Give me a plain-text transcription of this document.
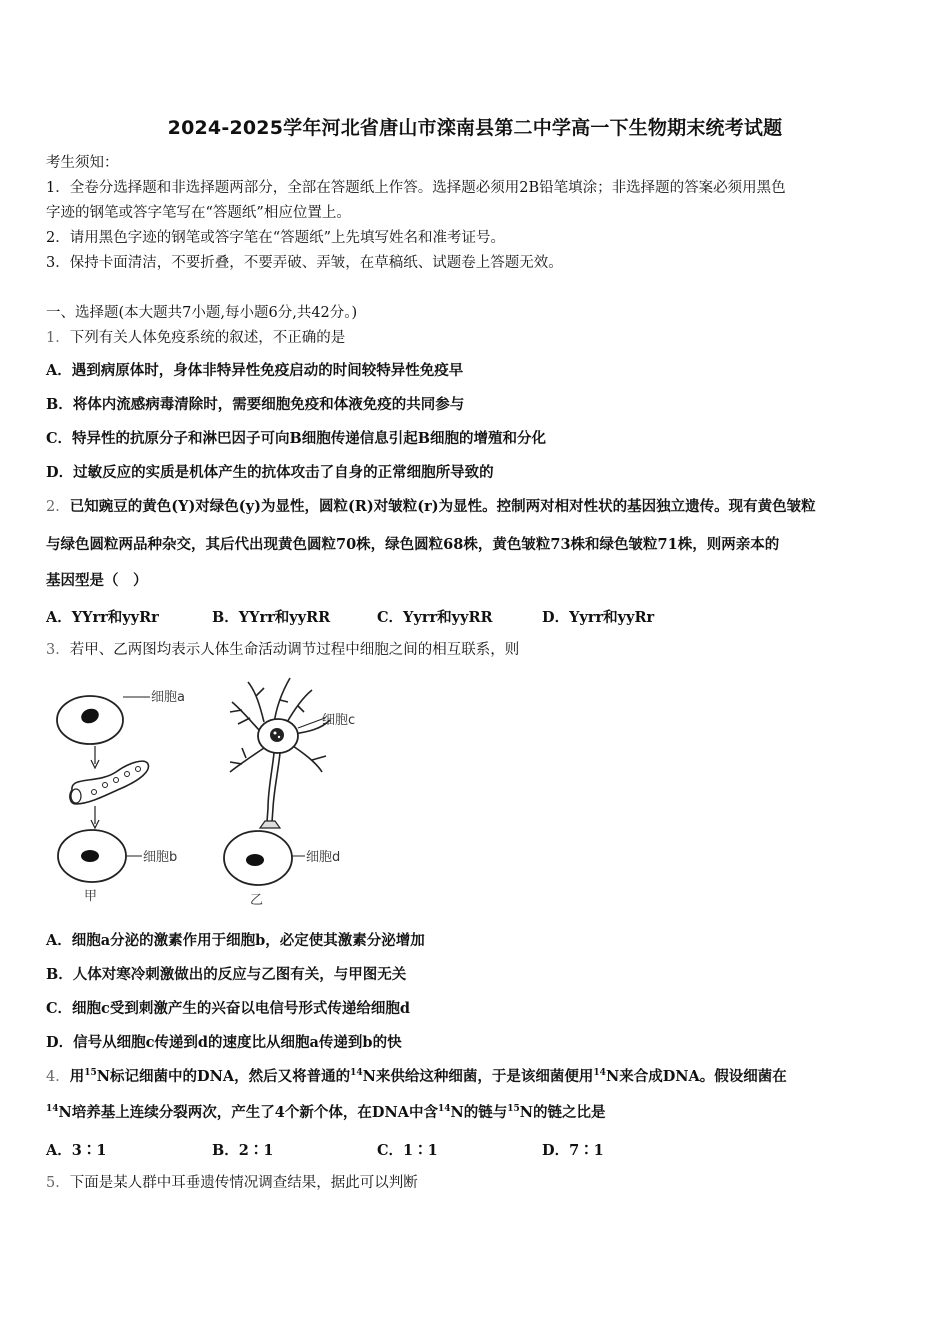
2024-2025学年河北省唐山市滦南县第二中学高一下生物期末统考试题
考生须知：
1．全卷分选择题和非选择题两部分，全部在答题纸上作答。选择题必须用2B铅笔填涂；非选择题的答案必须用黑色
字迹的钢笔或答字笔写在“答题纸”相应位置上。
2．请用黑色字迹的钢笔或答字笔在“答题纸”上先填写姓名和准考证号。
3．保持卡面清洁，不要折叠，不要弄破、弄皱，在草稿纸、试题卷上答题无效。
一、选择题(本大题共7小题,每小题6分,共42分。)
1．下列有关人体免疫系统的叙述，不正确的是
A．遇到病原体时，身体非特异性免疫启动的时间较特异性免疫早
B．将体内流感病毒清除时，需要细胞免疫和体液免疫的共同参与
C．特异性的抗原分子和淋巴因子可向B细胞传递信息引起B细胞的增殖和分化
D．过敏反应的实质是机体产生的抗体攻击了自身的正常细胞所导致的
2．已知豌豆的黄色(Y)对绿色(y)为显性，圆粒(R)对皱粒(r)为显性。控制两对相对性状的基因独立遗传。现有黄色皱粒
与绿色圆粒两品种杂交，其后代出现黄色圆粒70株，绿色圆粒68株，黄色皱粒73株和绿色皱粒71株，则两亲本的
基因型是（　）
A．YYrr和yyRr	B．YYrr和yyRR	C．Yyrr和yyRR	D．Yyrr和yyRr
3．若甲、乙两图均表示人体生命活动调节过程中细胞之间的相互联系，则
细胞a
细胞b
甲
细胞c
细胞d
乙
A．细胞a分泌的激素作用于细胞b，必定使其激素分泌增加
B．人体对寒冷刺激做出的反应与乙图有关，与甲图无关
C．细胞c受到刺激产生的兴奋以电信号形式传递给细胞d
D．信号从细胞c传递到d的速度比从细胞a传递到b的快
4．用$^{15}$N标记细菌中的DNA，然后又将普通的$^{14}$N来供给这种细菌，于是该细菌便用$^{14}$N来合成DNA。假设细菌在
$^{14}$N培养基上连续分裂两次，产生了4个新个体，在DNA中含$^{14}$N的链与$^{15}$N的链之比是
A．3∶1	B．2∶1	C．1∶1	D．7∶1
5．下面是某人群中耳垂遗传情况调查结果，据此可以判断
